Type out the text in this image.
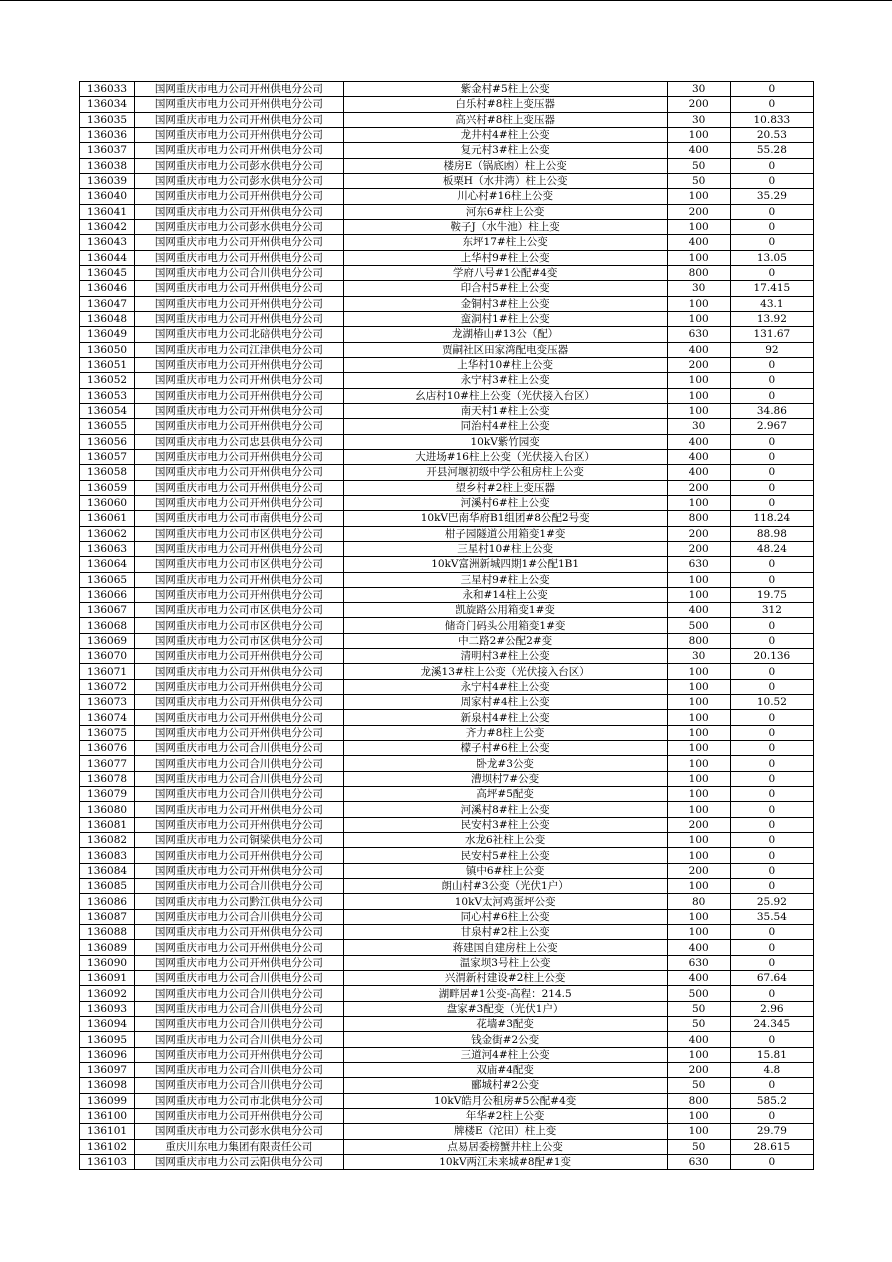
136033	国网重庆市电力公司开州供电分公司	紫金村#5柱上公变	30	0
136034	国网重庆市电力公司开州供电分公司	白乐村#8柱上变压器	200	0
136035	国网重庆市电力公司开州供电分公司	高兴村#8柱上变压器	30	10.833
136036	国网重庆市电力公司开州供电分公司	龙井村4#柱上公变	100	20.53
136037	国网重庆市电力公司开州供电分公司	复元村3#柱上公变	400	55.28
136038	国网重庆市电力公司彭水供电分公司	楼房E（锅底凼）柱上公变	50	0
136039	国网重庆市电力公司彭水供电分公司	板栗H（水井湾）柱上公变	50	0
136040	国网重庆市电力公司开州供电分公司	川心村#16柱上公变	100	35.29
136041	国网重庆市电力公司开州供电分公司	河东6#柱上公变	200	0
136042	国网重庆市电力公司彭水供电分公司	鞍子J（水牛池）柱上变	100	0
136043	国网重庆市电力公司开州供电分公司	东坪17#柱上公变	400	0
136044	国网重庆市电力公司开州供电分公司	上华村9#柱上公变	100	13.05
136045	国网重庆市电力公司合川供电分公司	学府八号#1公配#4变	800	0
136046	国网重庆市电力公司开州供电分公司	印合村5#柱上公变	30	17.415
136047	国网重庆市电力公司开州供电分公司	金铜村3#柱上公变	100	43.1
136048	国网重庆市电力公司开州供电分公司	蛮洞村1#柱上公变	100	13.92
136049	国网重庆市电力公司北碚供电分公司	龙湖椿山#13公（配）	630	131.67
136050	国网重庆市电力公司江津供电分公司	贾嗣社区田家湾配电变压器	400	92
136051	国网重庆市电力公司开州供电分公司	上华村10#柱上公变	200	0
136052	国网重庆市电力公司开州供电分公司	永宁村3#柱上公变	100	0
136053	国网重庆市电力公司开州供电分公司	幺店村10#柱上公变（光伏接入台区）	100	0
136054	国网重庆市电力公司开州供电分公司	南天村1#柱上公变	100	34.86
136055	国网重庆市电力公司开州供电分公司	同治村4#柱上公变	30	2.967
136056	国网重庆市电力公司忠县供电分公司	10kV紫竹园变	400	0
136057	国网重庆市电力公司开州供电分公司	大进场#16柱上公变（光伏接入台区）	400	0
136058	国网重庆市电力公司开州供电分公司	开县河堰初级中学公租房柱上公变	400	0
136059	国网重庆市电力公司开州供电分公司	望乡村#2柱上变压器	200	0
136060	国网重庆市电力公司开州供电分公司	河溪村6#柱上公变	100	0
136061	国网重庆市电力公司市南供电分公司	10kV巴南华府B1组团#8公配2号变	800	118.24
136062	国网重庆市电力公司市区供电分公司	柑子园隧道公用箱变1#变	200	88.98
136063	国网重庆市电力公司开州供电分公司	三星村10#柱上公变	200	48.24
136064	国网重庆市电力公司市区供电分公司	10kV富洲新城四期1#公配1B1	630	0
136065	国网重庆市电力公司开州供电分公司	三星村9#柱上公变	100	0
136066	国网重庆市电力公司开州供电分公司	永和#14柱上公变	100	19.75
136067	国网重庆市电力公司市区供电分公司	凯旋路公用箱变1#变	400	312
136068	国网重庆市电力公司市区供电分公司	储奇门码头公用箱变1#变	500	0
136069	国网重庆市电力公司市区供电分公司	中二路2#公配2#变	800	0
136070	国网重庆市电力公司开州供电分公司	清明村3#柱上公变	30	20.136
136071	国网重庆市电力公司开州供电分公司	龙溪13#柱上公变（光伏接入台区）	100	0
136072	国网重庆市电力公司开州供电分公司	永宁村4#柱上公变	100	0
136073	国网重庆市电力公司开州供电分公司	周家村#4柱上公变	100	10.52
136074	国网重庆市电力公司开州供电分公司	新泉村4#柱上公变	100	0
136075	国网重庆市电力公司开州供电分公司	齐力#8柱上公变	100	0
136076	国网重庆市电力公司合川供电分公司	檬子村#6柱上公变	100	0
136077	国网重庆市电力公司合川供电分公司	卧龙#3公变	100	0
136078	国网重庆市电力公司合川供电分公司	漕坝村7#公变	100	0
136079	国网重庆市电力公司合川供电分公司	高坪#5配变	100	0
136080	国网重庆市电力公司开州供电分公司	河溪村8#柱上公变	100	0
136081	国网重庆市电力公司开州供电分公司	民安村3#柱上公变	200	0
136082	国网重庆市电力公司铜梁供电分公司	水龙6社柱上公变	100	0
136083	国网重庆市电力公司开州供电分公司	民安村5#柱上公变	100	0
136084	国网重庆市电力公司开州供电分公司	镇中6#柱上公变	200	0
136085	国网重庆市电力公司合川供电分公司	朗山村#3公变（光伏1户）	100	0
136086	国网重庆市电力公司黔江供电分公司	10kV太河鸡蛋坪公变	80	25.92
136087	国网重庆市电力公司合川供电分公司	同心村#6柱上公变	100	35.54
136088	国网重庆市电力公司开州供电分公司	甘泉村#2柱上公变	100	0
136089	国网重庆市电力公司开州供电分公司	蒋建国自建房柱上公变	400	0
136090	国网重庆市电力公司开州供电分公司	温家坝3号柱上公变	630	0
136091	国网重庆市电力公司合川供电分公司	兴渭新村建设#2柱上公变	400	67.64
136092	国网重庆市电力公司合川供电分公司	湖畔居#1公变-高程：214.5	500	0
136093	国网重庆市电力公司合川供电分公司	盘家#3配变（光伏1户）	50	2.96
136094	国网重庆市电力公司合川供电分公司	花墙#3配变	50	24.345
136095	国网重庆市电力公司合川供电分公司	钱金街#2公变	400	0
136096	国网重庆市电力公司开州供电分公司	三道河4#柱上公变	100	15.81
136097	国网重庆市电力公司合川供电分公司	双庙#4配变	200	4.8
136098	国网重庆市电力公司合川供电分公司	郦城村#2公变	50	0
136099	国网重庆市电力公司市北供电分公司	10kV皓月公租房#5公配#4变	800	585.2
136100	国网重庆市电力公司开州供电分公司	年华#2柱上公变	100	0
136101	国网重庆市电力公司彭水供电分公司	牌楼E（沱田）柱上变	100	29.79
136102	重庆川东电力集团有限责任公司	点易居委榜蟹井柱上公变	50	28.615
136103	国网重庆市电力公司云阳供电分公司	10kV两江未来城#8配#1变	630	0
